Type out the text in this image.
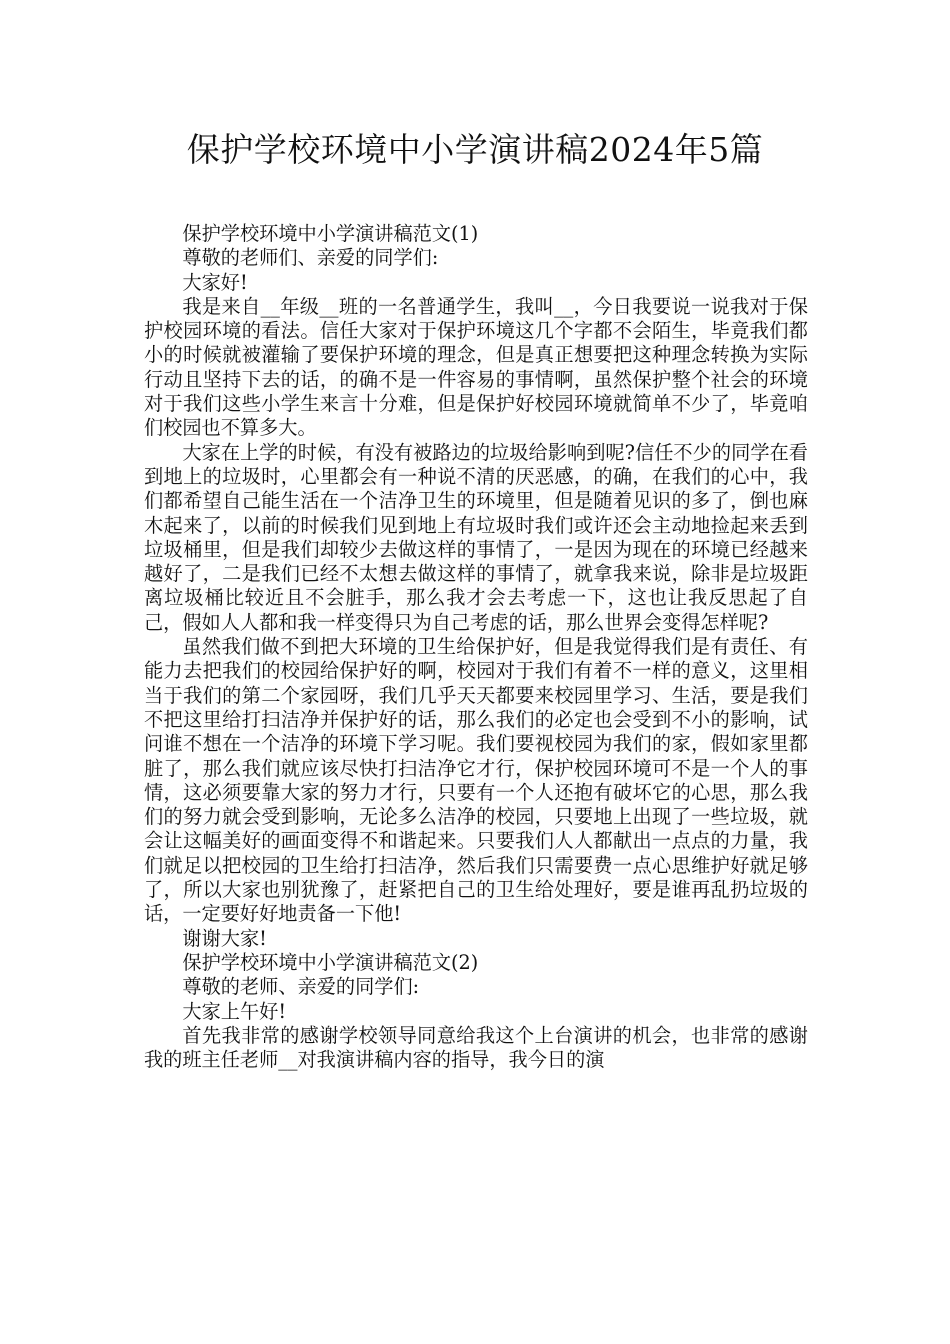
保护学校环境中小学演讲稿2024年5篇

保护学校环境中小学演讲稿范文(1)

尊敬的老师们、亲爱的同学们:

大家好!

我是来自__年级__班的一名普通学生，我叫__，今日我要说一说我对于保护校园环境的看法。信任大家对于保护环境这几个字都不会陌生，毕竟我们都小的时候就被灌输了要保护环境的理念，但是真正想要把这种理念转换为实际行动且坚持下去的话，的确不是一件容易的事情啊，虽然保护整个社会的环境对于我们这些小学生来言十分难，但是保护好校园环境就简单不少了，毕竟咱们校园也不算多大。

大家在上学的时候，有没有被路边的垃圾给影响到呢?信任不少的同学在看到地上的垃圾时，心里都会有一种说不清的厌恶感，的确，在我们的心中，我们都希望自己能生活在一个洁净卫生的环境里，但是随着见识的多了，倒也麻木起来了，以前的时候我们见到地上有垃圾时我们或许还会主动地捡起来丢到垃圾桶里，但是我们却较少去做这样的事情了，一是因为现在的环境已经越来越好了，二是我们已经不太想去做这样的事情了，就拿我来说，除非是垃圾距离垃圾桶比较近且不会脏手，那么我才会去考虑一下，这也让我反思起了自己，假如人人都和我一样变得只为自己考虑的话，那么世界会变得怎样呢?

虽然我们做不到把大环境的卫生给保护好，但是我觉得我们是有责任、有能力去把我们的校园给保护好的啊，校园对于我们有着不一样的意义，这里相当于我们的第二个家园呀，我们几乎天天都要来校园里学习、生活，要是我们不把这里给打扫洁净并保护好的话，那么我们的必定也会受到不小的影响，试问谁不想在一个洁净的环境下学习呢。我们要视校园为我们的家，假如家里都脏了，那么我们就应该尽快打扫洁净它才行，保护校园环境可不是一个人的事情，这必须要靠大家的努力才行，只要有一个人还抱有破坏它的心思，那么我们的努力就会受到影响，无论多么洁净的校园，只要地上出现了一些垃圾，就会让这幅美好的画面变得不和谐起来。只要我们人人都献出一点点的力量，我们就足以把校园的卫生给打扫洁净，然后我们只需要费一点心思维护好就足够了，所以大家也别犹豫了，赶紧把自己的卫生给处理好，要是谁再乱扔垃圾的话，一定要好好地责备一下他!

谢谢大家!

保护学校环境中小学演讲稿范文(2)

尊敬的老师、亲爱的同学们:

大家上午好!

首先我非常的感谢学校领导同意给我这个上台演讲的机会，也非常的感谢我的班主任老师__对我演讲稿内容的指导，我今日的演
